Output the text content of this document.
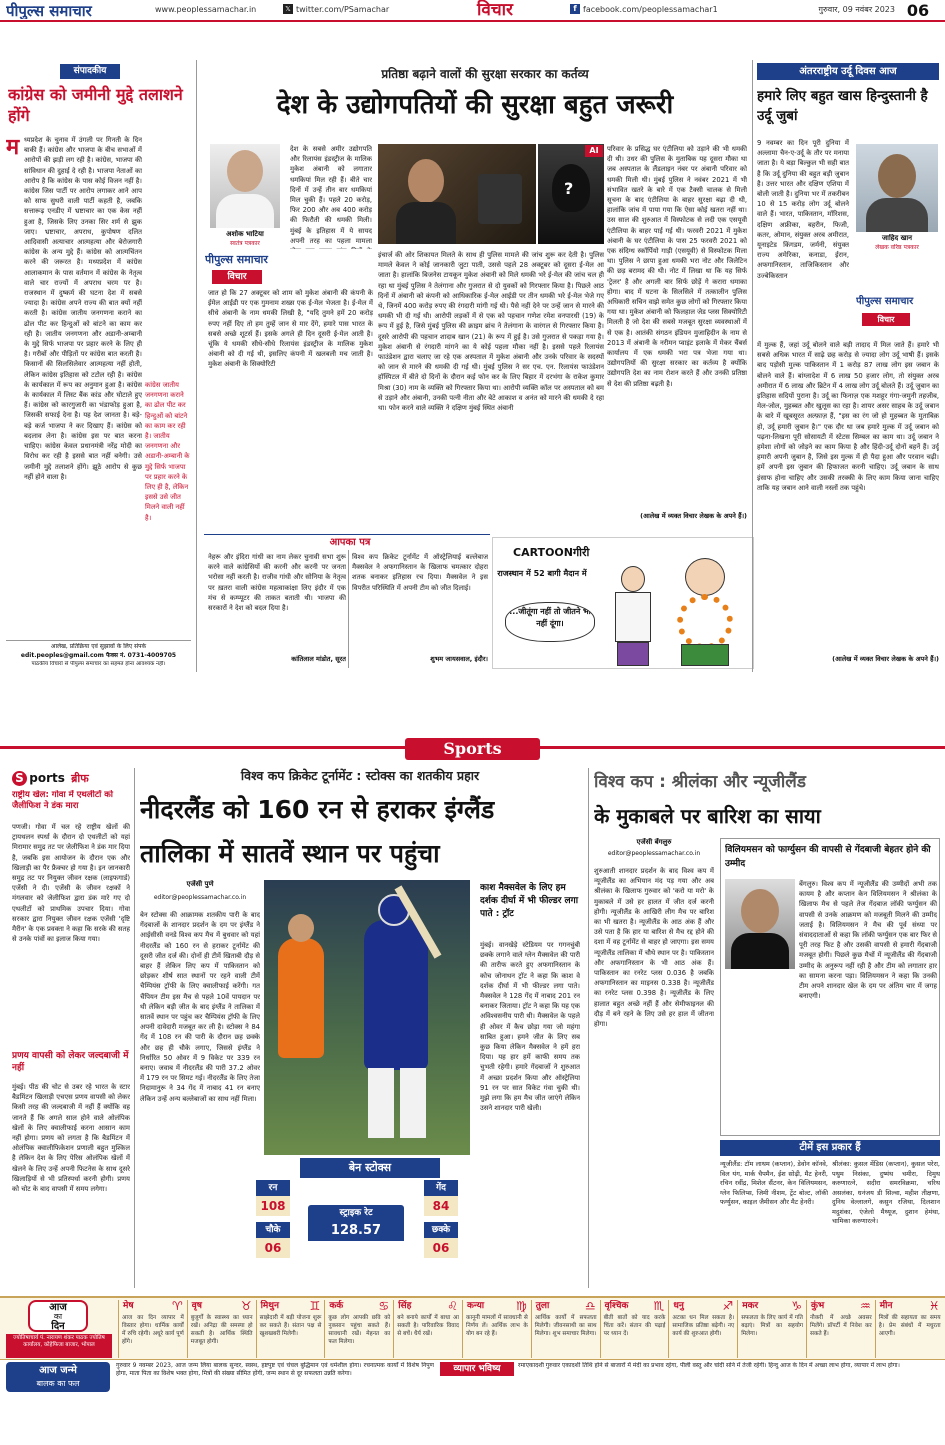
पीपुल्स समाचार	www.peoplessamachar.in	𝕏 twitter.com/PSamachar	विचार	f facebook.com/peoplessamachar1	गुरुवार, 09 नवंबर 2023 06
संपादकीय
कांग्रेस को जमीनी मुद्दे तलाशने होंगे
म ध्यप्रदेश के चुनाव में उंगली पर गिनती के दिन बाकी हैं। कांग्रेस और भाजपा के बीच सभाओं में आरोपों की झड़ी लग रही है। कांग्रेस, भाजपा की सांविधान की दुहाई दे रही है। भाजपा नेताओं का आरोप है कि कांग्रेस के पास कोई विजन नहीं है। कांग्रेस जिस पार्टी पर आरोप लगाकर आने आप को साफ सुथरी वाली पार्टी कहती है, जबकि सत्तारूढ़ एनडीए में भ्रष्टाचार का एक केस नहीं हुआ है, जिसके लिए उनका सिर शर्म से झुक जाए। भ्रष्टाचार, अपराध, कुपोषण दलित आदिवासी अत्याचार आत्महत्या और बेरोजगारी कांग्रेस के अन्य मुद्दे हैं। कांग्रेस को आत्मचिंतन करने की जरूरत है। मध्यप्रदेश में कांग्रेस आलाकमान के पास वर्तमान में कांग्रेस के नेतृत्व वाले चार राज्यों में अपराध चरम पर है। राजस्थान में दुष्कर्म की घटना देश में सबसे ज्यादा है। कांग्रेस अपने राज्य की बात क्यों नहीं करती है। कांग्रेस जातीय जनगणना कराने का ढोल पीट कर हिन्दुओं को बांटने का काम कर रही है। जातीय जनगणना और अडानी-अम्बानी के मुद्दे सिर्फ भाजपा पर प्रहार करने के लिए ही है। गरीबों और पीड़ितों पर कांग्रेस बात करती है। किसानों की सिलसिलेवार आत्महत्या नहीं होती, लेकिन कांग्रेस इतिहास को टटोल रही है। कांग्रेस के कार्यकाल में रूप का अनुमान हुआ है। कांग्रेस के कार्यकाल में लिस्ट बैंक कांड और घोटाले हुए हैं। कांग्रेस को कारगुजारी का भंडाफोड़ हुआ है, जिसकी सफाई देना है। यह देश जानता है। बड़े-बड़े कर्ज भाजपा ने कर दिखाए हैं। कांग्रेस को बदलाव लेना है। कांग्रेस इस पर बात करना चाहिए। कांग्रेस केवल प्रधानमंत्री नरेंद्र मोदी का विरोध कर रही है इससे बात नहीं बनेगी। उसे जमीनी मुद्दे तलाशने होंगे। झूठे आरोप से कुछ नहीं होने वाला है।
कांग्रेस जातीय जनगणना कराने का ढोल पीट कर हिन्दुओं को बांटने का काम कर रही है। जातीय जनगणना और अडानी-अम्बानी के मुद्दे सिर्फ भाजपा पर प्रहार करने के लिए ही है, लेकिन इससे उसे जीत मिलने वाली नहीं है।
आलेख, प्रतिक्रिया एवं सुझावों के लिए संपर्क
edit.peoples@gmail.com फैक्स नं. 0731-4009705
पाठकीय विचारों से पीपुल्स समाचार का सहमत होना आवश्यक नहीं।
प्रतिष्ठा बढ़ाने वालों की सुरक्षा सरकार का कर्तव्य
देश के उद्योगपतियों की सुरक्षा बहुत जरूरी
अशोक भाटिया
स्वतंत्र पत्रकार
पीपुल्स समाचार
विचार
देश के सबसे अमीर उद्योगपति और रिलायंस इंडस्ट्रीज के मालिक मुकेश अंबानी को लगातार धमकियां मिल रही हैं। बीते चार दिनों में उन्हें तीन बार धमकियां मिल चुकी हैं। पहले 20 करोड़, फिर 200 और अब 400 करोड़ की फिरौती की धमकी मिली। मुंबई के इतिहास में ये सायद अपनी तरह का पहला मामला
जात हो कि 27 अक्टूबर को शाम को मुकेश अंबानी की कंपनी के ईमेल आईडी पर एक गुमनाम शख्स एक ई-मेल भेजता है। ई-मेल में सीधे अंबानी के नाम धमकी लिखी है, "यदि तुमने हमें 20 करोड़ रुपए नहीं दिए तो हम तुम्हें जान से मार देंगे, हमारे पास भारत के सबसे अच्छे शूटर्स हैं। इसके अगले ही दिन दूसरी ई-मेल आती है। चूंकि ये धमकी सीधे-सीधे रिलायंस इंडस्ट्रीज के मालिक मुकेश अंबानी को दी गई थी, इसलिए कंपनी में खलबली मच जाती है। मुकेश अंबानी के सिक्योरिटी
?
AI
इंचार्ज की ओर शिकायत मिलते के साथ ही पुलिस मामले की जांच शुरू कर देती है। पुलिस मामले केवल ने कोई जानकारी जुटा पाती, उससे पहले 28 अक्टूबर को दूसरा ई-मेल आ जाता है। हालांकि बिजनेस टायकून मुकेश अंबानी को मिले धमकी भरे ई-मेल की जांच चल ही रहा था मुंबई पुलिस ने तेलंगाना और गुजरात से दो युवकों को गिरफ्तार किया है। पिछले आठ दिनों में अंबानी को कंपनी को आधिकारिक ई-मेल आईडी पर तीन धमकी भरे ई-मेल भेजे गए थे, जिनमें 400 करोड़ रुपए की रंगदारी मांगी गई थी। पैसे नहीं देने पर उन्हें जान से मारने की धमकी भी दी गई थी। आरोपी लड़कों में से एक को पहचान गणेश रमेश वनपारधी (19) के रूप में हुई है, जिसे मुंबई पुलिस की क्राइम ब्रांच ने तेलंगाना के वारंगल से गिरफ्तार किया है। दूसरे आरोपी की पहचान शादाब खान (21) के रूप में हुई है। उसे गुजरात से पकड़ा गया है। मुकेश अंबानी से रंगदारी मांगने का ये कोई पहला मौका नहीं है। इससे पहले रिलायंस फाउंडेशन द्वारा चलाए जा रहे एक अस्पताल में मुकेश अंबानी और उनके परिवार के सदस्यों को जान से मारने की धमकी दी गई थी। मुंबई पुलिस ने सर एच. एन. रिलायंस फाउंडेशन हॉस्पिटल में बीते दो दिनों के दौरान कई फोन कर के लिए बिहार में दरभंगा के राकेश कुमार मिश्रा (30) नाम के व्यक्ति को गिरफ्तार किया था। आरोपी व्यक्ति कॉल पर अस्पताल को बम से उड़ाने और अंबानी, उनकी पत्नी नीता और बेटे आकाश व अनंत को मारने की धमकी दे रहा था। फोन करने वाले व्यक्ति ने दक्षिण मुंबई स्थित अंबानी
परिवार के प्रसिद्ध घर एंटीलिया को उड़ाने की भी धमकी दी थी। उधर की पुलिस के मुताबिक यह दूसरा मौका था जब अस्पताल के लैंडलाइन नंबर पर अंबानी परिवार को धमकी मिली थी। मुंबई पुलिस ने नवंबर 2021 में भी संभावित खतरे के बारे में एक टैक्सी चालक से मिली सूचना के बाद एंटीलिया के बाहर सुरक्षा बढ़ा दी थी, हालांकि जांच में पाया गया कि ऐसा कोई खतरा नहीं था। उस साल की शुरुआत में विस्फोटक से लदी एक एसयूवी एंटीलिया के बाहर पाई गई थी। फरवरी 2021 में मुकेश अंबानी के घर एंटीलिया के पास 25 फरवरी 2021 को एक संदिग्ध स्कॉर्पियो गाड़ी (एसयूवी) से विस्फोटक मिला था। पुलिस ने छापा हुआ धमकी भरा नोट और जिलेटिन की छड़ बरामद की थी। नोट में लिखा था कि यह सिर्फ 'ट्रेलर' है और अगली बार सिर्फ छोड़ें गे करारा धमाका होगा। बाद में घटना के सिलसिले में तत्कालीन पुलिस अधिकारी सचिन वाझे समेत कुछ लोगों को गिरफ्तार किया गया था। मुकेश अंबानी को फिलहाल जेड प्लस सिक्योरिटी मिलती है जो देश की सबसे मजबूत सुरक्षा व्यवस्थाओं में से एक है। आतंकी संगठन इंडियन मुजाहिदीन के नाम से 2013 में अंबानी के नरीमन प्वाइंट इलाके में मेकर चैंबर्स कार्यालय में एक धमकी भरा पत्र भेजा गया था। उद्योगपतियों की सुरक्षा सरकार का कर्तव्य है क्योंकि उद्योगपति देश का नाम रोशन करते हैं और उनकी प्रतिष्ठा से देश की प्रतिष्ठा बढ़ती है।
(आलेख में व्यक्त विचार लेखक के अपने हैं।)
आपका पत्र
नेहरू और इंदिरा गांधी का नाम लेकर चुनावी सभा शुरू करने वाले कांग्रेसियों की करनी और करनी पर जनता भरोसा नहीं करती है। राजीव गांधी और सोनिया के नेतृत्व पर ख़तरा वाली कांग्रेस महत्वाकांक्षा लिए इंदौर में एक मंच से कम्प्यूटर की ताकत बताती थी। भाजपा की सरकारों ने देश को बदल दिया है।
कांतिलाल मांडोत, सूरत
विश्व कप क्रिकेट टूर्नामेंट में ऑस्ट्रेलियाई बल्लेबाज मैक्सवेल ने अफगानिस्तान के खिलाफ चमत्कार दोहरा शतक बनाकर इतिहास रच दिया। मैक्सवेल ने इस विपरीत परिस्थिति में अपनी टीम को जीत दिलाई।
शुभम जायसवाल, इंदौर।
CARTOONगीरी
राजस्थान में 52 बागी मैदान में
...जीतूंगा नहीं तो जीतने भी नहीं दूंगा।
अंतरराष्ट्रीय उर्दू दिवस आज
हमारे लिए बहुत खास हिन्दुस्तानी है उर्दू जुबां
9 नवम्बर का दिन पूरी दुनिया में अल्लामा चैन-ए-उर्दू के तौर पर मनाया जाता है। ये बड़ा बिल्कुल भी सही बात है कि उर्दू दुनिया की बहुत बड़ी जुबान है। उत्तर भारत और दक्षिण एशिया में बोली जाती है। दुनिया भर में तकरीबन 10 से 15 करोड़ लोग उर्दू बोलने वाले हैं। भारत, पाकिस्तान, मॉरिशस, दक्षिण अफ्रीका, बहरीन, फिजी, कतर, ओमान, संयुक्त अरब अमीरात, यूनाइटेड किंगडम, जर्मनी, संयुक्त राज्य अमेरिका, कनाडा, ईरान, अफगानिस्तान, ताजिकिस्तान और उज्बेकिस्तान
जाहिद खान
लेखक वरिष्ठ पत्रकार
पीपुल्स समाचार
विचार
में मुल्क हैं, जहां उर्दू बोलने वाले बड़ी तादाद में मिल जाते हैं। हमारे भी सबसे अधिक भारत में साढ़े छह करोड़ से ज्यादा लोग उर्दू भाषी हैं। इसके बाद पड़ोसी मुल्क पाकिस्तान में 1 करोड़ 87 लाख लोग इस जबान के बोलने वाले हैं। बांग्लादेश में 6 लाख 50 हजार लोग, तो संयुक्त अरब अमीरात में 6 लाख और ब्रिटेन में 4 लाख लोग उर्दू बोलते हैं। उर्दू जुबान का इतिहास सदियों पुराना है। उर्दू का फिनाज़ एक मशहूर गंगा-जमुनी तहजीब, मेल-जोल, मुहब्बत और खुलूस का रहा है। शायर असर साहब के उर्दू जबान के बारे में खूबसूरत अल्फ़ाज़ हैं, "इस का रंग जो हो मुहब्बत के मुताबिक़ हो, उर्दू हमारी जुबान है।" एक दौर था जब हमारे मुल्क में उर्दू जबान को पढ़ना-लिखना पूरी सोसायटी में स्टेटस सिम्बल का काम था। उर्दू जबान ने हमेशा लोगों को जोड़ने का काम किया है और हिंदी-उर्दू दोनों बहनें हैं। उर्दू हमारी अपनी जुबान है, जिसे इस मुल्क में ही पैदा हुआ और परवान चढ़ी। हमें अपनी इस जुबान की हिफाजत करनी चाहिए। उर्दू जबान के साथ इंसाफ होना चाहिए और उसकी तरक्की के लिए काम किया जाना चाहिए ताकि यह जबान आने वाली नस्लों तक पहुंचे।
(आलेख में व्यक्त विचार लेखक के अपने हैं।)
Sports
S ports ब्रीफ
राष्ट्रीय खेल: गोवा में एथलीटों को जैलीफिश ने डंक मारा
पणजी। गोवा में चल रहे राष्ट्रीय खेलों की ट्रायथलन स्पर्धा के दौरान दो एथलीटों को यहां मिरामार समुद्र तट पर जेलीफिश ने डंक मार दिया है, जबकि इस आयोजन के दौरान एक और खिलाड़ी का पैर फ्रैक्चर हो गया है। इन जानकारी समुद्र तट पर नियुक्त जीवन रक्षक (लाइफगार्ड) एजेंसी ने दी। एजेंसी के जीवन रक्षकों ने मंगलवार को जेलीफिश द्वारा डंक मारे गए दो एथलीटों को प्राथमिक उपचार दिया। गोवा सरकार द्वारा नियुक्त जीवन रक्षक एजेंसी 'दृष्टि मैरीन' के एक प्रवक्ता ने कहा कि सरके की सतह से उनके पांवों का इलाज किया गया।
प्रणय वापसी को लेकर जल्दबाजी में नहीं
मुंबई। पीठ की चोट से उबर रहे भारत के स्टार बैडमिंटन खिलाड़ी एचएस प्रणय वापसी को लेकर किसी तरह की जल्दबाजी में नहीं हैं क्योंकि वह जानते हैं कि अगले साल होने वाले ओलंपिक खेलों के लिए क्वालीफाई करना आसान काम नहीं होगा। प्रणय को लगता है कि बैडमिंटन में ओलंपिक क्वालीफिकेशन प्रणाली बहुत मुश्किल है लेकिन देश के लिए पेरिस ओलंपिक खेलों में खेलने के लिए उन्हें अपनी फिटनेस के साथ दूसरे खिलाड़ियों से भी प्रतिस्पर्धा करनी होगी। प्रणय को चोट के बाद वापसी में समय लगेगा।
विश्व कप क्रिकेट टूर्नामेंट : स्टोक्स का शतकीय प्रहार
नीदरलैंड को 160 रन से हराकर इंग्लैंड
तालिका में सातवें स्थान पर पहुंचा
एजेंसी पुणे
editor@peoplessamachar.co.in
बेन स्टोक्स की आक्रामक शतकीय पारी के बाद गेंदबाजों के शानदार प्रदर्शन के दम पर इंग्लैंड ने आईसीसी वनडे विश्व कप मैच में बुधवार को यहां नीदरलैंड को 160 रन से हराकर टूर्नामेंट की दूसरी जीत दर्ज की। दोनों ही टीमें खिताबी दौड़ से बाहर हैं लेकिन लिए कप में पाकिस्तान को छोड़कर शीर्ष सात स्थानों पर रहने वाली टीमें चैम्पियंस ट्रॉफी के लिए क्वालीफाई करेंगी। गत चैंपियन टीम इस मैच से पहले 10वें पायदान पर थी लेकिन बड़ी जीत के बाद इंग्लैंड ने तालिका में सातवें स्थान पर पहुंच कर चैम्पियंस ट्रॉफी के लिए अपनी दावेदारी मजबूत कर ली है। स्टोक्स ने 84 गेंद में 108 रन की पारी के दौरान छह छक्के और छह ही चौके लगाए, जिससे इंग्लैंड ने निर्धारित 50 ओवर में 9 विकेट पर 339 रन बनाए। जवाब में नीदरलैंड की पारी 37.2 ओवर में 179 रन पर सिमट गई। नीदरलैंड के लिए तेजा निदामानुरू ने 34 गेंद में नाबाद 41 रन बनाए लेकिन उन्हें अन्य बल्लेबाजों का साथ नहीं मिला।
बेन स्टोक्स
रन
108
चौके
06
स्ट्राइक रेट
128.57
गेंद
84
छक्के
06
काश मैक्सवेल के लिए हम दर्शक दीर्घा में भी फील्डर लगा पाते : ट्रॉट
मुंबई। वानखेड़े स्टेडियम पर गगनचुंबी छक्के लगाने वाले ग्लेन मैक्सवेल की पारी की तारीफ करते हुए अफगानिस्तान के कोच जोनाथन ट्रॉट ने कहा कि काश वे दर्शक दीर्घा में भी फील्डर लगा पाते। मैक्सवेल ने 128 गेंद में नाबाद 201 रन बनाकर जिताया। ट्रॉट ने कहा कि यह एक अविश्वसनीय पारी थी। मैक्सवेल के पहले ही ओवर में कैच छोड़ा गया जो महंगा साबित हुआ। हमने जीत के लिए सब कुछ किया लेकिन मैक्सवेल ने हमें हरा दिया। यह हार हमें काफी समय तक चुभती रहेगी। हमारे गेंदबाजों ने शुरुआत में अच्छा प्रदर्शन किया और ऑस्ट्रेलिया 91 रन पर सात विकेट गंवा चुकी थी। मुझे लगा कि हम मैच जीत जाएंगे लेकिन उसने शानदार पारी खेली।
विश्व कप : श्रीलंका और न्यूजीलैंड
के मुकाबले पर बारिश का साया
एजेंसी बेंगलुरु
editor@peoplessamachar.co.in
शुरुआती शानदार प्रदर्शन के बाद विश्व कप में न्यूजीलैंड का अभियान मंद पड़ गया और अब श्रीलंका के खिलाफ गुरुवार को 'करो या मरो' के मुकाबले में उसे हर हालत में जीत दर्ज करनी होगी। न्यूजीलैंड के आखिरी लीग मैच पर बारिश का भी खतरा है। न्यूजीलैंड के आठ अंक हैं और उसे पता है कि हार या बारिश से मैच रद्द होने की दशा में वह टूर्नामेंट से बाहर हो जाएगा। इस समय न्यूजीलैंड तालिका में चौथे स्थान पर है। पाकिस्तान और अफगानिस्तान के भी आठ अंक हैं। पाकिस्तान का रनरेट प्लस 0.036 है जबकि अफगानिस्तान का माइनस 0.338 है। न्यूजीलैंड का रनरेट प्लस 0.398 है। न्यूजीलैंड के लिए हालात बहुत अच्छे नहीं हैं और सेमीफाइनल की दौड़ में बने रहने के लिए उसे हर हाल में जीतना होगा।
विलियमसन को फार्ग्युसन की वापसी से गेंदबाजी बेहतर होने की उम्मीद
बेंगलुरु। विश्व कप में न्यूजीलैंड की उम्मीदों अभी तक कायम है और कप्तान केन विलियमसन ने श्रीलंका के खिलाफ मैच से पहले तेज गेंदबाज लॉकी फर्ग्युसन की वापसी से उनके आक्रमण को मजबूती मिलने की उम्मीद जताई है। विलियमसन ने मैच की पूर्व संध्या पर संवाददाताओं से कहा कि लॉकी फर्ग्युसन एक बार फिर से पूरी तरह फिट है और उसकी वापसी से हमारी गेंदबाजी मजबूत होगी। पिछले कुछ मैचों में न्यूजीलैंड की गेंदबाजी उम्मीद के अनुरूप नहीं रही है और टीम को लगातार हार का सामना करना पड़ा। विलियमसन ने कहा कि उनकी टीम अपने शानदार खेल के दम पर अंतिम चार में जगह बनाएगी।
टीमें इस प्रकार हैं
न्यूजीलैंड: टॉम लाथम (कप्तान), डेवोन कॉनवे, विल यंग, मार्क चैपमैन, ईश सोढ़ी, मैट हेनरी, रचिन रवींद्र, मिशेल सैंटनर, केन विलियमसन, ग्लेन फिलिप्स, जिमी नीशम, ट्रेंट बोल्ट, लॉकी फर्ग्युसन, काइल जैमीसन और मैट हेनरी।
श्रीलंका: कुसल मेंडिस (कप्तान), कुसल परेरा, पथुम निसंका, दुष्मंथ चमीरा, दिमुथ करुणारत्ने, सदीरा समरविक्रमा, चरिथ असलंका, धनंजय डी सिल्वा, महीश तीक्षणा, दुनिथ वेल्लालगे, कसुन रजिथा, दिलशान मदुशंका, एंजेलो मैथ्यूज, दुशान हेमंथा, चामिका करुणारत्ने।
आज
का
दिन
ज्योतिषाचार्य पं. नारायण शंकर पाठक ज्योतिष कार्यालय, कोहेफिजा बाजार, भोपाल
मेष	♈
आज का दिन व्यापार में विस्तार होगा। धार्मिक कार्यों में रुचि रहेगी। अधूरे कार्य पूर्ण होंगे।
वृष	♉
बुजुर्गों के स्वास्थ्य का ध्यान रखें। अनिद्रा की समस्या हो सकती है। आर्थिक स्थिति मजबूत होगी।
मिथुन	♊
साझेदारी में बड़ी योजना शुरू कर सकते हैं। संतान पक्ष से खुशखबरी मिलेगी।
कर्क	♋
कुछ लोग आपकी छवि को नुकसान पहुंचा सकते हैं। सावधानी रखें। मेहनत का फल मिलेगा।
सिंह	♌
बने बनाये कार्यों में बाधा आ सकती है। पारिवारिक विवाद से बचें। धैर्य रखें।
कन्या	♍
कानूनी मामलों में सावधानी से निर्णय लें। आर्थिक लाभ के योग बन रहे हैं।
तुला	♎
आर्थिक कार्यों में सफलता मिलेगी। जीवनसाथी का साथ मिलेगा। शुभ समाचार मिलेगा।
वृश्चिक ♏
बीती बातों को याद करके चिंता करें। संतान की पढ़ाई पर ध्यान दें।
धनु	♐
अटका धन मिल सकता है। सामाजिक प्रतिष्ठा बढ़ेगी। नए कार्य की शुरुआत होगी।
मकर	♑
सफलता के लिए कार्य में गति बढ़ाएं। मित्रों का सहयोग मिलेगा।
कुंभ	♒
नौकरी में अच्छे अवसर मिलेंगे। प्रॉपर्टी में निवेश कर सकते हैं।
मीन	♓
मित्रों की सहायता का समय है। प्रेम संबंधों में मधुरता आएगी।
आज जन्मे
बालक का फल
गुरुवार 9 नवम्बर 2023, आज जन्म लिया बालक सुन्दर, स्वस्थ, हष्टपुष्ट एवं चंचल बुद्धिमान एवं धर्मशील होगा। रचनात्मक कार्यों में विशेष निपुण होगा, माता पिता का विशेष भक्त होगा, मित्रों की संख्या सीमित होंगी, जन्म स्थान से दूर सफलता उन्नति करेगा।	व्यापार भविष्य	रमाएकादशी गुरुवार एकादशी तिथि होने से बाजारों में मंदी का प्रभाव रहेगा, पीली वस्तु और चांदी सोने में तेजी रहेगी। हिन्दु आज के दिन में अच्छा लाभ होगा, व्यापार में लाभ होगा।
